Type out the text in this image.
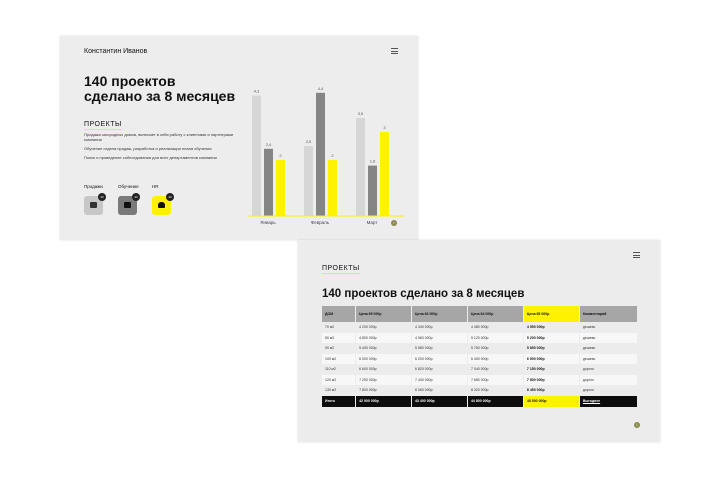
Константин Иванов
140 проектов
сделано за 8 месяцев
ПРОЕКТЫ
Продажа загородных домов, включает в себя работу с клиентами и партнерами компании
Обучение отдела продаж, разработка и реализация плана обучения
Поиск и проведение собеседования для всех департаментов компании
Продажи	Обучение	HR
43	43	43
4,3
2,4
2
Январь
2,5
4,4
2
Февраль
3,5
1,8
3
Март	i
ПРОЕКТЫ
140 проектов сделано за 8 месяцев
ДОМ	Цена 65 000р	Цена 63 000р	Цена 64 000р	Цена 65 000р	Комментарий
70 м2	4 200 000р	4 340 000р	4 480 000р	4 550 000р	дешево
80 м2	4 800 000р	4 960 000р	5 120 000р	5 200 000р	дешево
90 м2	5 400 000р	5 580 000р	5 760 000р	5 850 000р	дешево
100 м2	6 000 000р	6 200 000р	6 400 000р	6 500 000р	дешево
110 м2	6 600 000р	6 820 000р	7 040 000р	7 150 000р	дорого
120 м2	7 200 000р	7 440 000р	7 680 000р	7 800 000р	дорого
130 м2	7 800 000р	8 060 000р	8 320 000р	8 450 000р	дорого
Итого	42 000 000р	43 400 000р	44 800 000р	45 500 000р	Выгоднее
i
